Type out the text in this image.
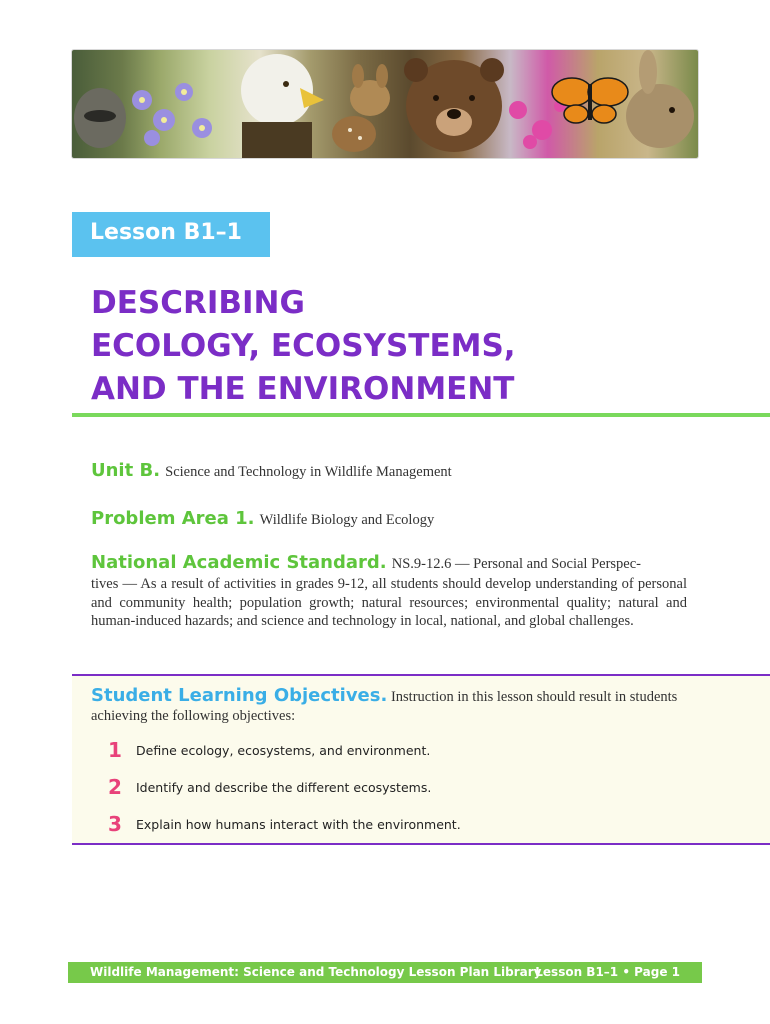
Lesson B1–1
DESCRIBING
ECOLOGY, ECOSYSTEMS,
AND THE ENVIRONMENT
Unit B. Science and Technology in Wildlife Management
Problem Area 1. Wildlife Biology and Ecology
National Academic Standard. NS.9-12.6 — Personal and Social Perspec-

tives — As a result of activities in grades 9-12, all students should develop understanding of personal and community health; population growth; natural resources; environmental quality; natural and human-induced hazards; and science and technology in local, national, and global challenges.

Student Learning Objectives. Instruction in this lesson should result in students achieving the following objectives:

1 Define ecology, ecosystems, and environment.
2 Identify and describe the different ecosystems.
3 Explain how humans interact with the environment.
Wildlife Management: Science and Technology Lesson Plan Library
Lesson B1–1 • Page 1
